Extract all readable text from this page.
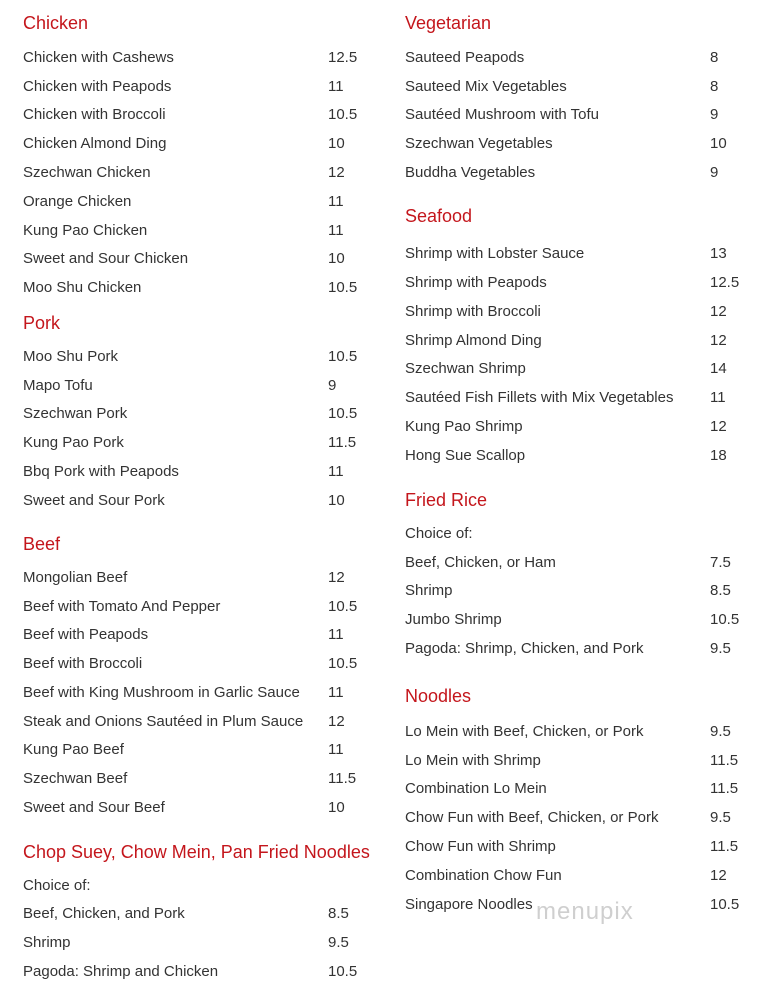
menupix
Chicken
Chicken with Cashews	12.5
Chicken with Peapods	11
Chicken with Broccoli	10.5
Chicken Almond Ding	10
Szechwan Chicken	12
Orange Chicken	11
Kung Pao Chicken	11
Sweet and Sour Chicken	10
Moo Shu Chicken	10.5
Pork
Moo Shu Pork	10.5
Mapo Tofu	9
Szechwan Pork	10.5
Kung Pao Pork	11.5
Bbq Pork with Peapods	11
Sweet and Sour Pork	10
Beef
Mongolian Beef	12
Beef with Tomato And Pepper	10.5
Beef with Peapods	11
Beef with Broccoli	10.5
Beef with King Mushroom in Garlic Sauce 11
Steak and Onions Sautéed in Plum Sauce 12
Kung Pao Beef	11
Szechwan Beef	11.5
Sweet and Sour Beef	10
Chop Suey, Chow Mein, Pan Fried Noodles
Choice of:
Beef, Chicken, and Pork	8.5
Shrimp	9.5
Pagoda: Shrimp and Chicken	10.5
Vegetarian
Sauteed Peapods	8
Sauteed Mix Vegetables	8
Sautéed Mushroom with Tofu	9
Szechwan Vegetables	10
Buddha Vegetables	9
Seafood
Shrimp with Lobster Sauce	13
Shrimp with Peapods	12.5
Shrimp with Broccoli	12
Shrimp Almond Ding	12
Szechwan Shrimp	14
Sautéed Fish Fillets with Mix Vegetables 11
Kung Pao Shrimp	12
Hong Sue Scallop	18
Fried Rice
Choice of:
Beef, Chicken, or Ham	7.5
Shrimp	8.5
Jumbo Shrimp	10.5
Pagoda: Shrimp, Chicken, and Pork	9.5
Noodles
Lo Mein with Beef, Chicken, or Pork	9.5
Lo Mein with Shrimp	11.5
Combination Lo Mein	11.5
Chow Fun with Beef, Chicken, or Pork	9.5
Chow Fun with Shrimp	11.5
Combination Chow Fun	12
Singapore Noodles	10.5
